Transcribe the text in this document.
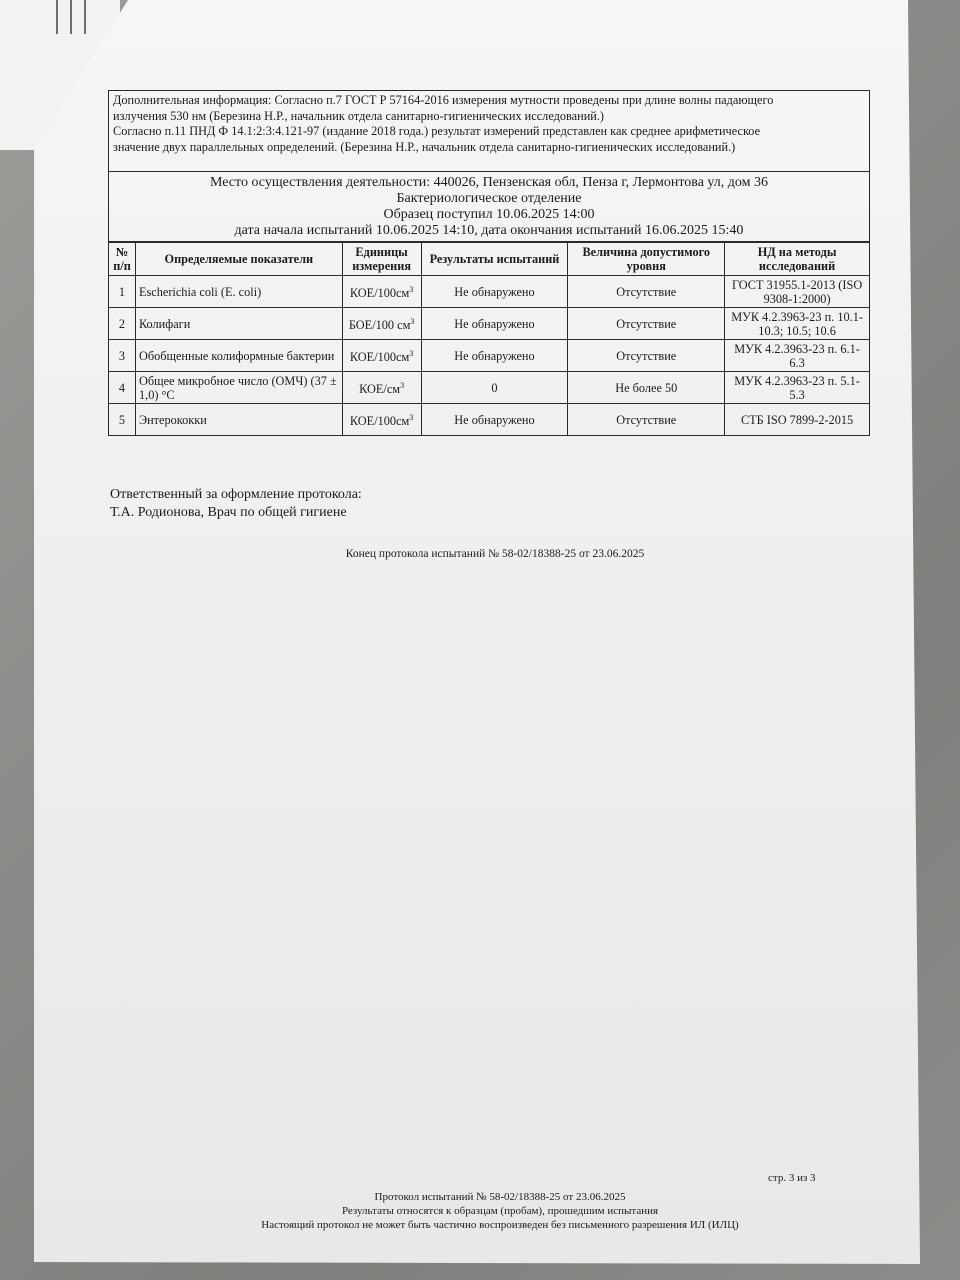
Дополнительная информация: Согласно п.7 ГОСТ Р 57164-2016 измерения мутности проведены при длине волны падающего

излучения 530 нм (Березина Н.Р., начальник отдела санитарно-гигиенических исследований.)

Согласно п.11 ПНД Ф 14.1:2:3:4.121-97 (издание 2018 года.) результат измерений представлен как среднее арифметическое

значение двух параллельных определений. (Березина Н.Р., начальник отдела санитарно-гигиенических исследований.)

Место осуществления деятельности: 440026, Пензенская обл, Пенза г, Лермонтова ул, дом 36
Бактериологическое отделение
Образец поступил 10.06.2025 14:00
дата начала испытаний 10.06.2025 14:10, дата окончания испытаний 16.06.2025 15:40
№ п/п	Определяемые показатели	Единицы измерения	Результаты испытаний	Величина допустимого уровня	НД на методы исследований
1	Escherichia coli (E. coli)	КОЕ/$100см^3$	Не обнаружено	Отсутствие	ГОСТ 31955.1-2013 (ISO 9308-1:2000)
2	Колифаги	БОЕ/100 $см^3$	Не обнаружено	Отсутствие	МУК 4.2.3963-23 п. 10.1-10.3; 10.5; 10.6
3	Обобщенные колиформные бактерии	КОЕ/$100см^3$	Не обнаружено	Отсутствие	МУК 4.2.3963-23 п. 6.1-6.3
4	Общее микробное число (ОМЧ) (37 ± 1,0) °С	КОЕ/$см^3$	0	Не более 50	МУК 4.2.3963-23 п. 5.1-5.3
5	Энтерококки	КОЕ/$100см^3$	Не обнаружено	Отсутствие	СТБ ISO 7899-2-2015
Ответственный за оформление протокола:
Т.А. Родионова, Врач по общей гигиене
Конец протокола испытаний № 58-02/18388-25 от 23.06.2025
стр. 3 из 3
Протокол испытаний № 58-02/18388-25 от 23.06.2025
Результаты относятся к образцам (пробам), прошедшим испытания
Настоящий протокол не может быть частично воспроизведен без письменного разрешения ИЛ (ИЛЦ)
